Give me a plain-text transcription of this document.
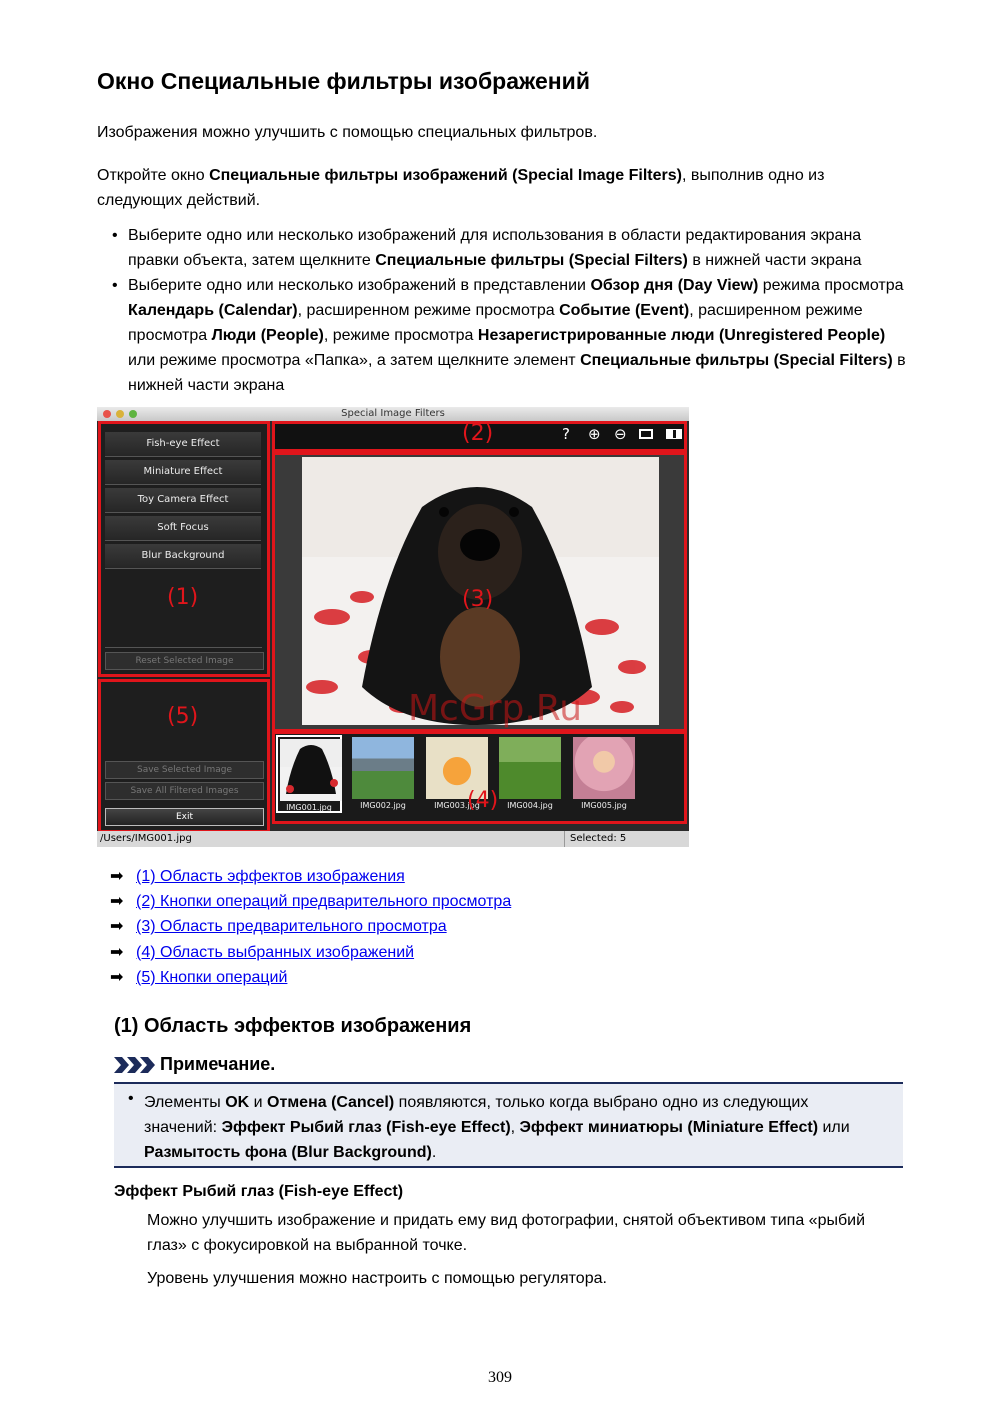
Окно Специальные фильтры изображений

Изображения можно улучшить с помощью специальных фильтров.

Откройте окно Специальные фильтры изображений (Special Image Filters), выполнив одно из следующих действий.

• Выберите одно или несколько изображений для использования в области редактирования экрана правки объекта, затем щелкните Специальные фильтры (Special Filters) в нижней части экрана
• Выберите одно или несколько изображений в представлении Обзор дня (Day View) режима просмотра Календарь (Calendar), расширенном режиме просмотра Событие (Event), расширенном режиме просмотра Люди (People), режиме просмотра Незарегистрированные люди (Unregistered People) или режиме просмотра «Папка», а затем щелкните элемент Специальные фильтры (Special Filters) в нижней части экрана
Special Image Filters
Fish-eye Effect
Miniature Effect
Toy Camera Effect
Soft Focus
Blur Background
Reset Selected Image
(1)
Save Selected Image
Save All Filtered Images
Exit
(5)
(2)	? ⊕ ⊖
(3)
IMG001.jpg	IMG002.jpg	IMG003.jpg	IMG004.jpg	IMG005.jpg
(4)
/Users/IMG001.jpg	Selected: 5
McGrp.Ru
➡ (1) Область эффектов изображения
➡ (2) Кнопки операций предварительного просмотра
➡ (3) Область предварительного просмотра
➡ (4) Область выбранных изображений
➡ (5) Кнопки операций
(1) Область эффектов изображения
Примечание.
• Элементы OK и Отмена (Cancel) появляются, только когда выбрано одно из следующих значений: Эффект Рыбий глаз (Fish-eye Effect), Эффект миниатюры (Miniature Effect) или Размытость фона (Blur Background).
Эффект Рыбий глаз (Fish-eye Effect)
Можно улучшить изображение и придать ему вид фотографии, снятой объективом типа «рыбий глаз» с фокусировкой на выбранной точке.
Уровень улучшения можно настроить с помощью регулятора.
309
